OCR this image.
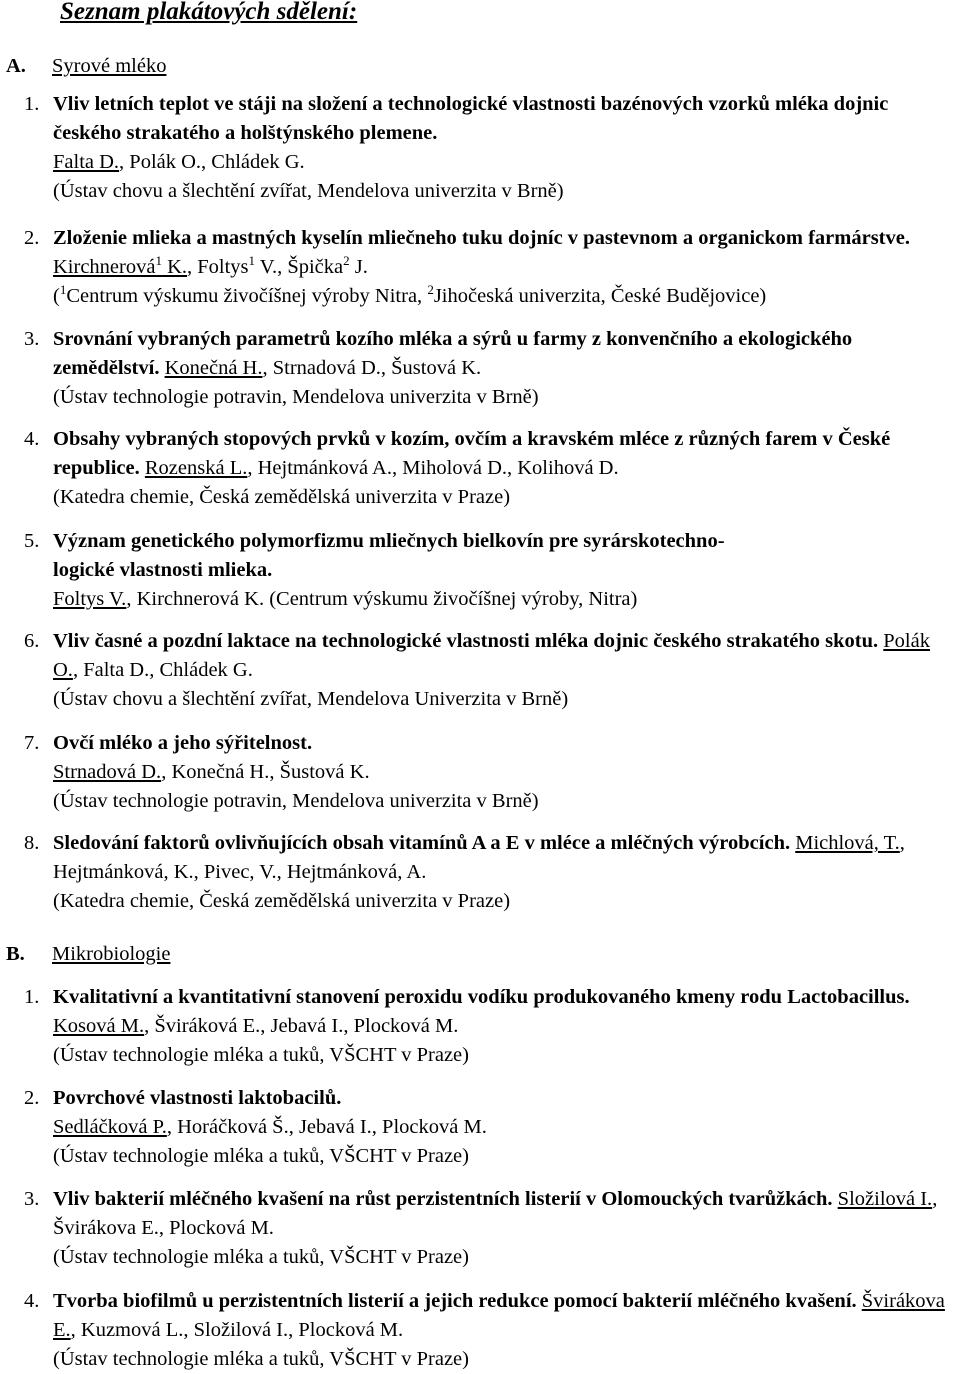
Seznam plakátových sdělení:
A. Syrové mléko
1. Vliv letních teplot ve stáji na složení a technologické vlastnosti bazénových vzorků mléka dojnic českého strakatého a holštýnského plemene.
Falta D., Polák O., Chládek G.
(Ústav chovu a šlechtění zvířat, Mendelova univerzita v Brně)
2. Zloženie mlieka a mastných kyselín mliečneho tuku dojníc v pastevnom a organickom farmárstve. Kirchnerová$^1$ K., Foltys$^1$ V., Špička$^2$ J.
($^1$Centrum výskumu živočíšnej výroby Nitra, $^2$Jihočeská univerzita, České Budějovice)
3. Srovnání vybraných parametrů kozího mléka a sýrů u farmy z konvenčního a ekologického zemědělství. Konečná H., Strnadová D., Šustová K.
(Ústav technologie potravin, Mendelova univerzita v Brně)
4. Obsahy vybraných stopových prvků v kozím, ovčím a kravském mléce z různých farem v České republice. Rozenská L., Hejtmánková A., Miholová D., Kolihová D.
(Katedra chemie, Česká zemědělská univerzita v Praze)
5. Význam genetického polymorfizmu mliečnych bielkovín pre syrárskotechno-
logické vlastnosti mlieka.
Foltys V., Kirchnerová K. (Centrum výskumu živočíšnej výroby, Nitra)
6. Vliv časné a pozdní laktace na technologické vlastnosti mléka dojnic českého strakatého skotu. Polák O., Falta D., Chládek G.
(Ústav chovu a šlechtění zvířat, Mendelova Univerzita v Brně)
7. Ovčí mléko a jeho sýřitelnost.
Strnadová D., Konečná H., Šustová K.
(Ústav technologie potravin, Mendelova univerzita v Brně)
8. Sledování faktorů ovlivňujících obsah vitamínů A a E v mléce a mléčných výrobcích. Michlová, T., Hejtmánková, K., Pivec, V., Hejtmánková, A.
(Katedra chemie, Česká zemědělská univerzita v Praze)
B. Mikrobiologie
1. Kvalitativní a kvantitativní stanovení peroxidu vodíku produkovaného kmeny rodu Lactobacillus. Kosová M., Šviráková E., Jebavá I., Plocková M.
(Ústav technologie mléka a tuků, VŠCHT v Praze)
2. Povrchové vlastnosti laktobacilů.
Sedláčková P., Horáčková Š., Jebavá I., Plocková M.
(Ústav technologie mléka a tuků, VŠCHT v Praze)
3. Vliv bakterií mléčného kvašení na růst perzistentních listerií v Olomouckých tvarůžkách. Složilová I., Švirákova E., Plocková M.
(Ústav technologie mléka a tuků, VŠCHT v Praze)
4. Tvorba biofilmů u perzistentních listerií a jejich redukce pomocí bakterií mléčného kvašení. Švirákova E., Kuzmová L., Složilová I., Plocková M.
(Ústav technologie mléka a tuků, VŠCHT v Praze)
